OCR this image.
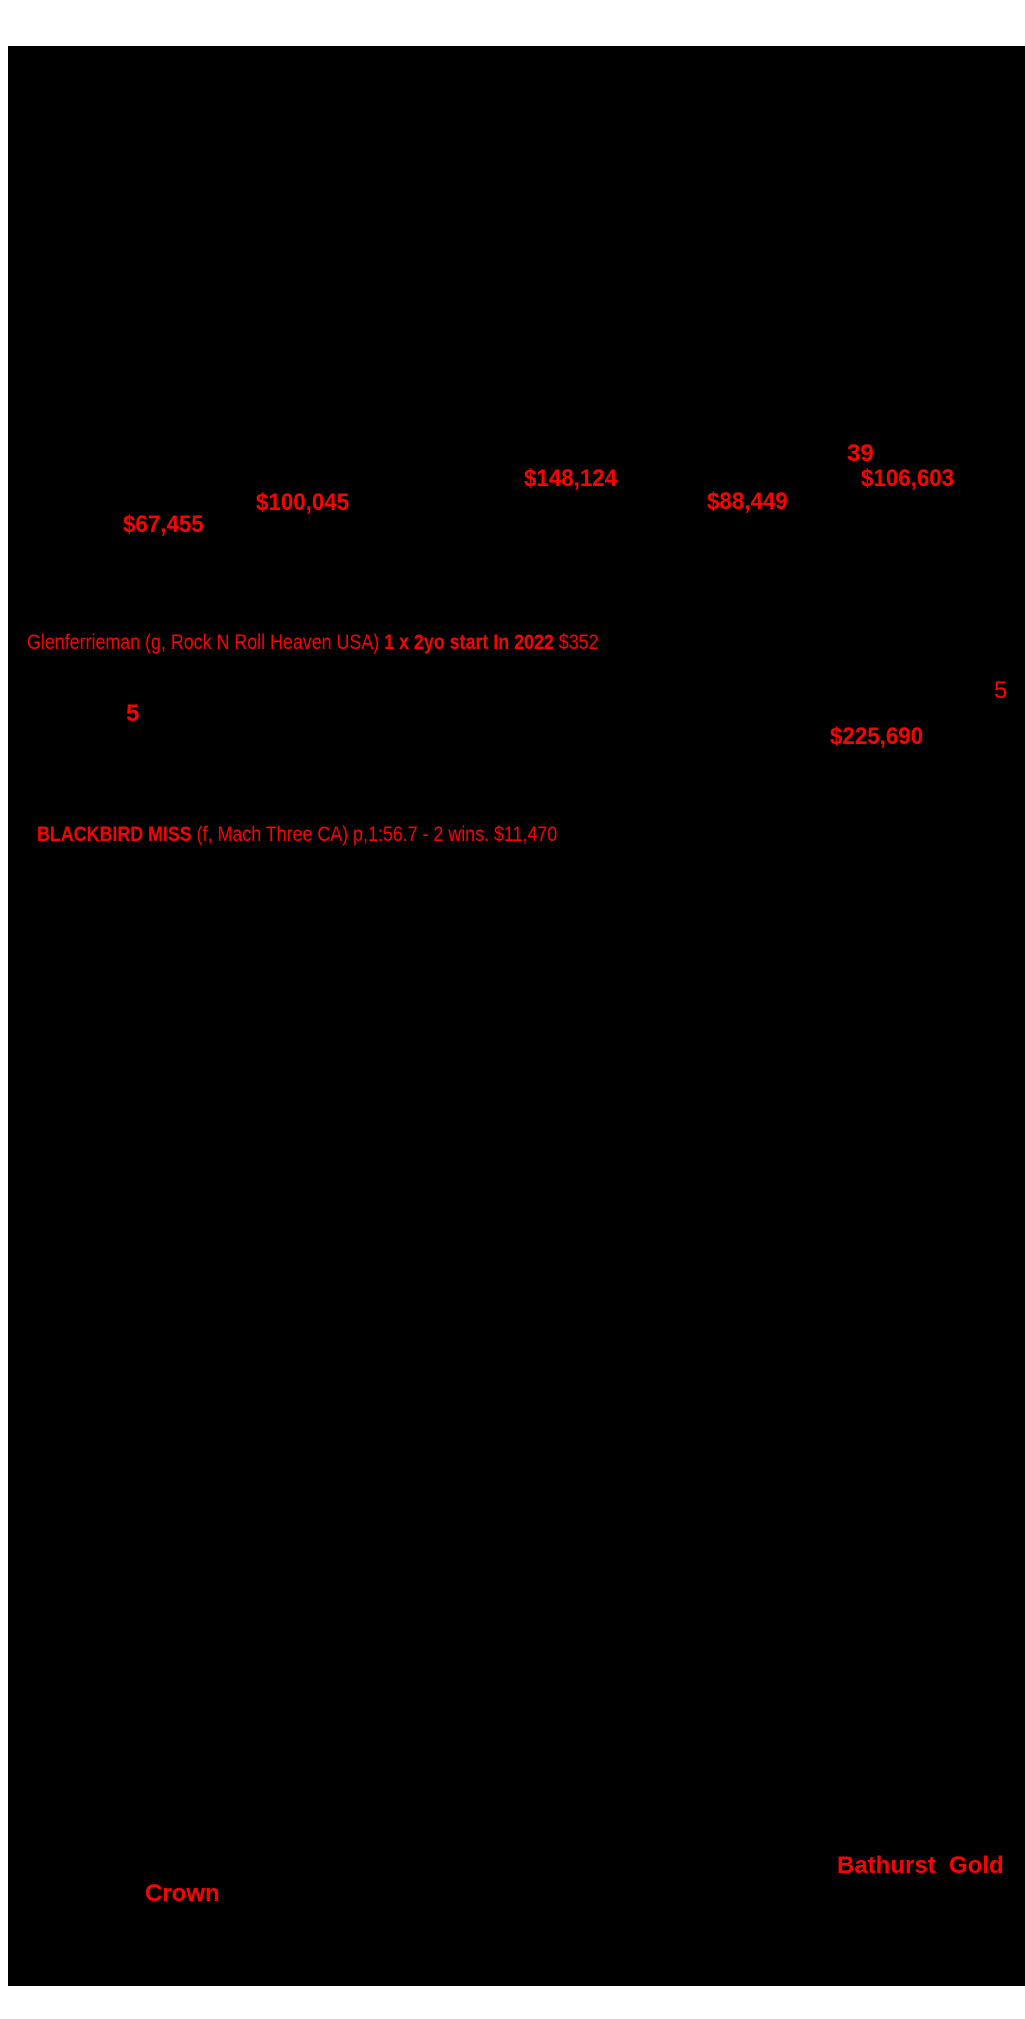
39
$106,603
$148,124
$100,045	$88,449
$67,455
Glenferrieman (g, Rock N Roll Heaven USA) 1 x 2yo start In 2022 $352
5
5
$225,690
BLACKBIRD MISS (f, Mach Three CA) p,1:56.7 - 2 wins. $11,470
Bathurst  Gold
Crown
